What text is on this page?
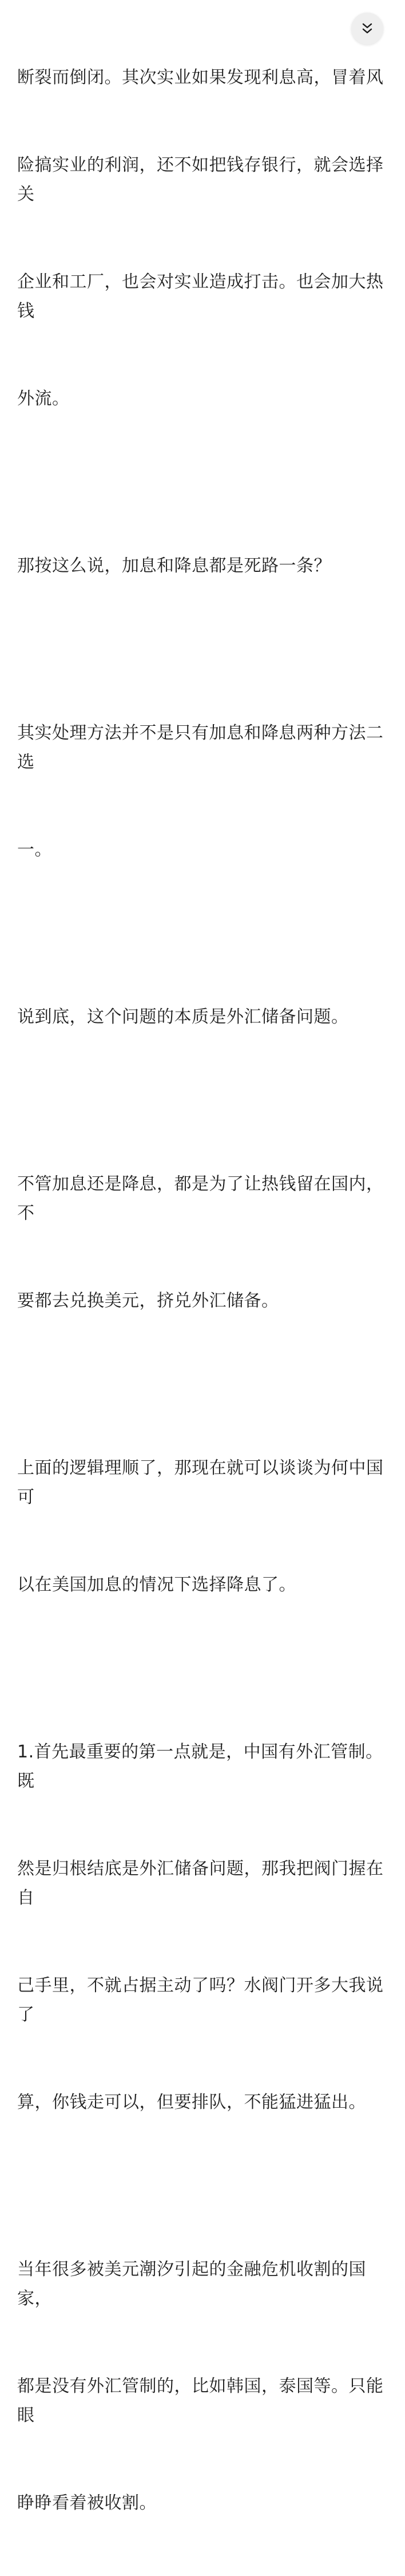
断裂而倒闭。其次实业如果发现利息高，冒着风

险搞实业的利润，还不如把钱存银行，就会选择关

企业和工厂，也会对实业造成打击。也会加大热钱

外流。

那按这么说，加息和降息都是死路一条？

其实处理方法并不是只有加息和降息两种方法二选

一。

说到底，这个问题的本质是外汇储备问题。

不管加息还是降息，都是为了让热钱留在国内，不

要都去兑换美元，挤兑外汇储备。

上面的逻辑理顺了，那现在就可以谈谈为何中国可

以在美国加息的情况下选择降息了。

1.首先最重要的第一点就是，中国有外汇管制。既

然是归根结底是外汇储备问题，那我把阀门握在自

己手里，不就占据主动了吗？水阀门开多大我说了

算，你钱走可以，但要排队，不能猛进猛出。

当年很多被美元潮汐引起的金融危机收割的国家，

都是没有外汇管制的，比如韩国，泰国等。只能眼

睁睁看着被收割。
